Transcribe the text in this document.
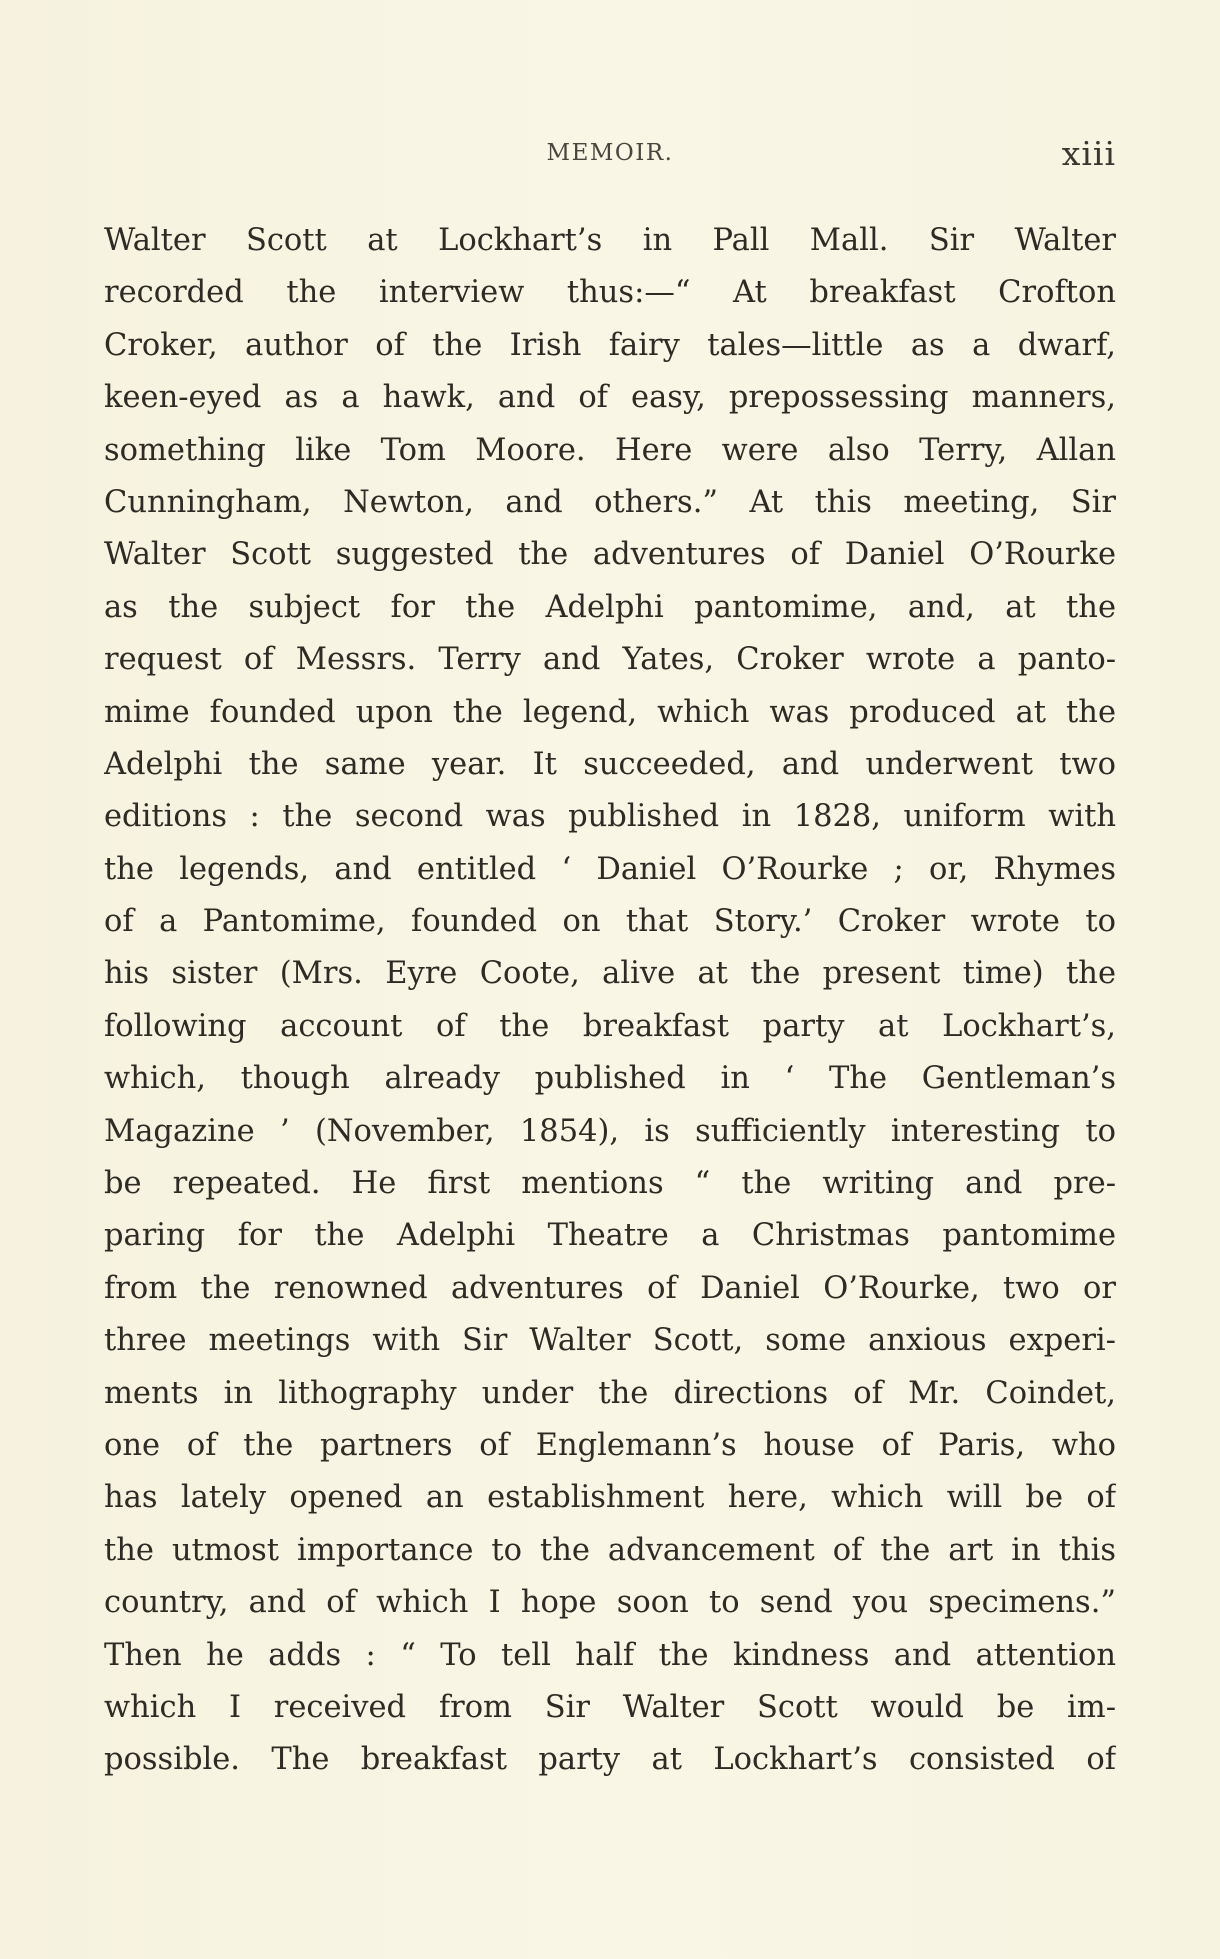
MEMOIR.	xiii
Walter Scott at Lockhart’s in Pall Mall. Sir Walter
recorded the interview thus:—“ At breakfast Crofton
Croker, author of the Irish fairy tales—little as a dwarf,
keen-eyed as a hawk, and of easy, prepossessing manners,
something like Tom Moore. Here were also Terry, Allan
Cunningham, Newton, and others.” At this meeting, Sir
Walter Scott suggested the adventures of Daniel O’Rourke
as the subject for the Adelphi pantomime, and, at the
request of Messrs. Terry and Yates, Croker wrote a panto-
mime founded upon the legend, which was produced at the
Adelphi the same year. It succeeded, and underwent two
editions : the second was published in 1828, uniform with
the legends, and entitled ‘ Daniel O’Rourke ; or, Rhymes
of a Pantomime, founded on that Story.’ Croker wrote to
his sister (Mrs. Eyre Coote, alive at the present time) the
following account of the breakfast party at Lockhart’s,
which, though already published in ‘ The Gentleman’s
Magazine ’ (November, 1854), is sufficiently interesting to
be repeated. He first mentions “ the writing and pre-
paring for the Adelphi Theatre a Christmas pantomime
from the renowned adventures of Daniel O’Rourke, two or
three meetings with Sir Walter Scott, some anxious experi-
ments in lithography under the directions of Mr. Coindet,
one of the partners of Englemann’s house of Paris, who
has lately opened an establishment here, which will be of
the utmost importance to the advancement of the art in this
country, and of which I hope soon to send you specimens.”
Then he adds : “ To tell half the kindness and attention
which I received from Sir Walter Scott would be im-
possible. The breakfast party at Lockhart’s consisted of
